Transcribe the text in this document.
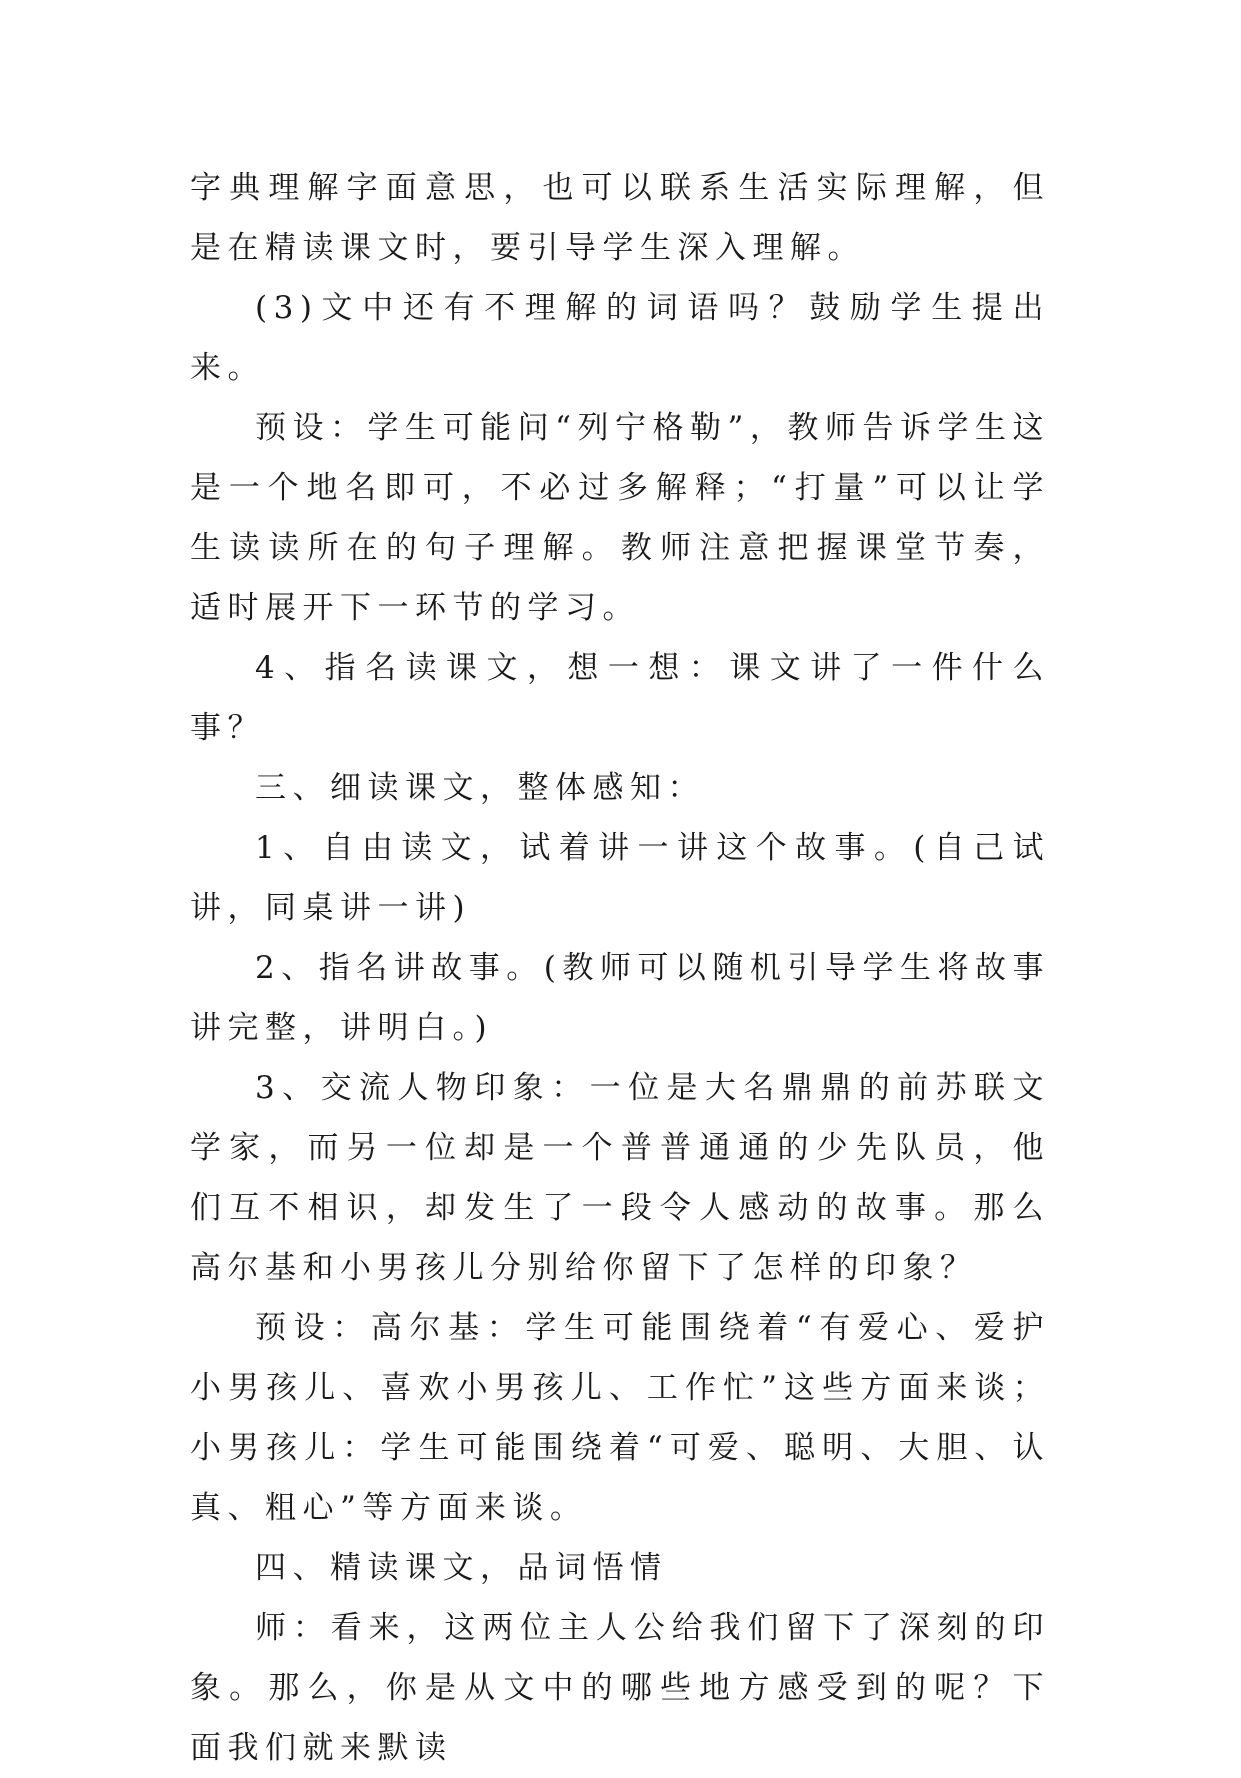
字典理解字面意思，也可以联系生活实际理解，但是在精读课文时，要引导学生深入理解。

(3)文中还有不理解的词语吗？鼓励学生提出来。

预设：学生可能问“列宁格勒”，教师告诉学生这是一个地名即可，不必过多解释；“打量”可以让学生读读所在的句子理解。教师注意把握课堂节奏，适时展开下一环节的学习。

4、指名读课文，想一想：课文讲了一件什么事？

三、细读课文，整体感知：

1、自由读文，试着讲一讲这个故事。(自己试讲，同桌讲一讲)

2、指名讲故事。(教师可以随机引导学生将故事讲完整，讲明白。)

3、交流人物印象：一位是大名鼎鼎的前苏联文学家，而另一位却是一个普普通通的少先队员，他们互不相识，却发生了一段令人感动的故事。那么高尔基和小男孩儿分别给你留下了怎样的印象？

预设：高尔基：学生可能围绕着“有爱心、爱护小男孩儿、喜欢小男孩儿、工作忙”这些方面来谈；小男孩儿：学生可能围绕着“可爱、聪明、大胆、认真、粗心”等方面来谈。

四、精读课文，品词悟情

师：看来，这两位主人公给我们留下了深刻的印象。那么，你是从文中的哪些地方感受到的呢？下面我们就来默读
